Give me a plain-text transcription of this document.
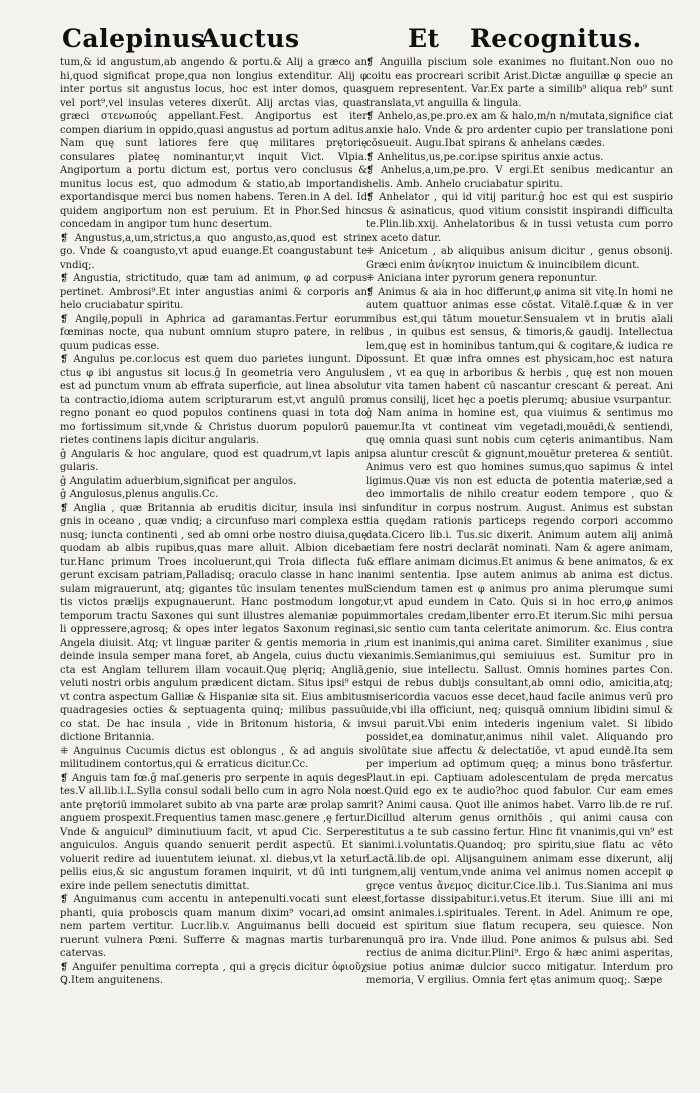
Calepinus
Auctus	Et Recognitus.

tum,& id angustum,ab angendo & portu.& Alij a græco an hi,quod significat prope,qua non longius extenditur. Alij φ inter portus sit angustus locus, hoc est inter domos, quas vel port⁹,vel insulas veteres dixerūt. Alij arctas vias, quas græci στενωπούς appellant.Fest. Angiportus est iter compen diarium in oppido,quasi angustus ad portum aditus. Nam quę sunt latiores fere quę militares prętorię consulares plateę nominantur,vt inquit Vict. Vlpia. Angiportum a portu dictum est, portus vero conclusus & munitus locus est, quo admodum & statio,ab importandis exportandisque merci bus nomen habens. Teren.in A del. Id quidem angiportum non est peruium. Et in Phor.Sed hinc concedam in angipor tum hunc desertum.

❡ Angustus,a,um,strictus,a quo angusto,as,quod est strin go. Vnde & coangusto,vt apud euange.Et coangustabunt te vndiq;.

❡ Angustia, strictitudo, quæ tam ad animum, φ ad corpus pertinet. Ambrosi⁹.Et inter angustias animi & corporis an helo cruciabatur spiritu.

❡ Angilę,populi in Aphrica ad garamantas.Fertur eorum fœminas nocte, qua nubunt omnium stupro patere, in reli quum pudicas esse.

❡ Angulus pe.cor.locus est quem duo parietes iungunt. Di ctus φ ibi angustus sit locus.ĝ In geometria vero Angulus est ad punctum vnum ab effrata superficie, aut linea absolu ta contractio,idioma autem scripturarum est,vt angulū pro regno ponant eo quod populos continens quasi in tota do mo fortissimum sit,vnde & Christus duorum populorū pa rietes continens lapis dicitur angularis.

ĝ Angularis & hoc angulare, quod est quadrum,vt lapis an gularis.

ĝ Angulatim aduerbium,significat per angulos.

ĝ Angulosus,plenus angulis.Cc.

❡ Anglia , quæ Britannia ab eruditis dicitur, insula insi s gnis in oceano , quæ vndiq; a circunfuso mari complexa est nusq; iuncta continenti , sed ab omni orbe nostro diuisa,quę quodam ab albis rupibus,quas mare alluit. Albion diceba tur.Hanc primum Troes incoluerunt,qui Troia diflecta fu gerunt excisam patriam,Palladisq; oraculo classe in hanc in sulam migrauerunt, atq; gigantes tūc insulam tenentes mul tis victos prælijs expugnauerunt. Hanc postmodum longo temporum tractu Saxones qui sunt illustres alemaniæ popu li oppressere,agrosq; & opes inter legatos Saxonum regina Angela diuisit. Atq; vt linguæ pariter & gentis memoria in , deinde insula semper mana foret, ab Angela, cuius ductu vi cta est Anglam tellurem illam vocauit.Quę plęriq; Angliā, veluti nostri orbis angulum prædicent dictam. Situs ipsi⁹ est vt contra aspectum Galliæ & Hispaniæ sita sit. Eius ambitus quadragesies octies & septuagenta quinq; milibus passuū co stat. De hac insula , vide in Britonum historia, & in dictione Britannia.

⁜ Anguinus Cucumis dictus est oblongus , & ad anguis si militudinem contortus,qui & erraticus dicitur.Cc.

❡ Anguis tam fœ.ĝ maſ.generis pro serpente in aquis deges tes.V all.lib.i.L.Sylla consul sodali bello cum in agro Nola no ante prętoriū immolaret subito ab vna parte aræ prolap sam anguem prospexit.Frequentius tamen masc.genere ,ę fertur. Vnde & anguicul⁹ diminutiuum facit, vt apud Cic. Serpere anguiculos. Anguis quando senuerit perdit aspectū. Et si voluerit redire ad iuuentutem ieiunat. xl. diebus,vt la xetur pellis eius,& sic angustum foramen inquirit, vt dū inti tur exire inde pellem senectutis dimittat.

❡ Anguimanus cum accentu in antepenulti.vocati sunt ele phanti, quia proboscis quam manum dixim⁹ vocari,ad om nem partem vertitur. Lucr.lib.v. Anguimanus belli docue ruerunt vulnera Pœni. Sufferre & magnas martis turbare catervas.

❡ Anguifer penultima correpta , qui a grȩcis dicitur ὀφιοῦχ Ꝗ.Item anguitenens.

❡ Anguilla piscium sole exanimes no fluitant.Non ouo no coitu eas procreari scribit Arist.Dictæ anguillæ φ specie an guem representent. Var.Ex parte a similib⁹ aliqua reb⁹ sunt translata,vt anguilla & lingula.

❡ Anhelo,as,pe.pro.ex am & halo,m/n n/mutata,significe ciat anxie halo. Vnde & pro ardenter cupio per translatione poni cōsueuit. Augu.Ibat spirans & anhelans cædes.

❡ Anhelitus,us,pe.cor.ipse spiritus anxie actus.

❡ Anhelus,a,um,pe.pro. V ergi.Et senibus medicantur an helis. Amb. Anhelo cruciabatur spiritu.

❡ Anhelator , qui id vitij paritur.ĝ hoc est qui est suspirio sus & asinaticus, quod vitium consistit inspirandi difficulta te.Plin.lib.xxij. Anhelatoribus & in tussi vetusta cum porro ex aceto datur.

⁜ Anicetum , ab aliquibus anisum dicitur , genus obsonij. Græci enim ἀνίκητον inuictum & inuincibilem dicunt.

⁜ Aniciana inter pyrorum genera reponuntur.

❡ Animus & aia in hoc differunt,φ anima sit vitę.In homi ne autem quattuor animas esse cōstat. Vitalē.f.quæ & in ver mibus est,qui tātum mouetur.Sensualem vt in brutis aīali bus , in quibus est sensus, & timoris,& gaudij. Intellectua lem,quę est in hominibus tantum,qui & cogitare,& iudica re possunt. Et quæ infra omnes est physicam,hoc est natura lem , vt ea quę in arboribus & herbis , quę est non mouen tur vita tamen habent cū nascantur crescant & pereat. Ani mus consilij, licet hęc a poetis plerumq; abusiue vsurpantur.

ĝ Nam anima in homine est, qua viuimus & sentimus mo uemur.Ita vt contineat vim vegetadi,mouēdi,& sentiendi, quę omnia quasi sunt nobis cum cęteris animantibus. Nam ipsa aluntur crescūt & gignunt,mouētur preterea & sentiūt. Animus vero est quo homines sumus,quo sapimus & intel ligimus.Quæ vis non est educta de potentia materiæ,sed a deo immortalis de nihilo creatur eodem tempore , quo & infunditur in corpus nostrum. August. Animus est substan tia quędam rationis particeps regendo corpori accommo data.Cicero lib.i. Tus.sic dixerit. Animum autem alij animā etiam fere nostri declarāt nominati. Nam & agere animam, & efflare animam dicimus.Et animus & bene animatos, & ex animi sententia. Ipse autem animus ab anima est dictus. Sciendum tamen est φ animus pro anima plerumque sumi tur,vt apud eundem in Cato. Quis si in hoc erro,φ animos immortales credam,libenter erro.Et iterum.Sic mihi persua si,sic sentio cum tanta celeritate animorum. &c. Eius contra rium est inanimis,qui anima caret. Similiter exanimus , siue exanimis.Semianimus,qui semiuiuus est. Sumitur pro in genio, siue intellectu. Sallust. Omnis homines partes Con. qui de rebus dubijs consultant,ab omni odio, amicitia,atq; misericordia vacuos esse decet,haud facile animus verū pro uide,vbi illa officiunt, neq; quisquā omnium libidini simul & vsui paruit.Vbi enim intederis ingenium valet. Si libido possidet,ea dominatur,animus nihil valet. Aliquando pro volūtate siue affectu & delectatiōe, vt apud eundē.Ita sem per imperium ad optimum quęq; a minus bono trāsfertur. Plaut.in epi. Captiuam adolescentulam de prȩda mercatus est.Quid ego ex te audio?hoc quod fabulor. Cur eam emes rit? Animi causa. Quot ille animos habet. Varro lib.de re ruſ. Dicillud alterum genus ornithōis , qui animi causa con stitutus a te sub cassino fertur. Hinc fit vnanimis,qui vn⁹ est animi.i.voluntatis.Quandoq; pro spiritu,siue flatu ac vēto Lactā.lib.de opi. Alijsanguinem animam esse dixerunt, alij ignem,alij ventum,vnde anima vel animus nomen accepit φ grȩce ventus ἄνεμος dicitur.Cice.lib.i. Tus.Sianima ani mus est,fortasse dissipabitur.i.vetus.Et iterum. Siue illi ani mi sint animales.i.spirituales. Terent. in Adel. Animum re ope, id est spiritum siue flatum recupera, seu quiesce. Non nunquā pro ira. Vnde illud. Pone animos & pulsus abi. Sed rectius de anima dicitur.Plini⁹. Ergo & hæc animi asperitas, siue potius animæ dulcior succo mitigatur. Interdum pro memoria, V ergilius. Omnia fert ętas animum quoq;. Sæpe
